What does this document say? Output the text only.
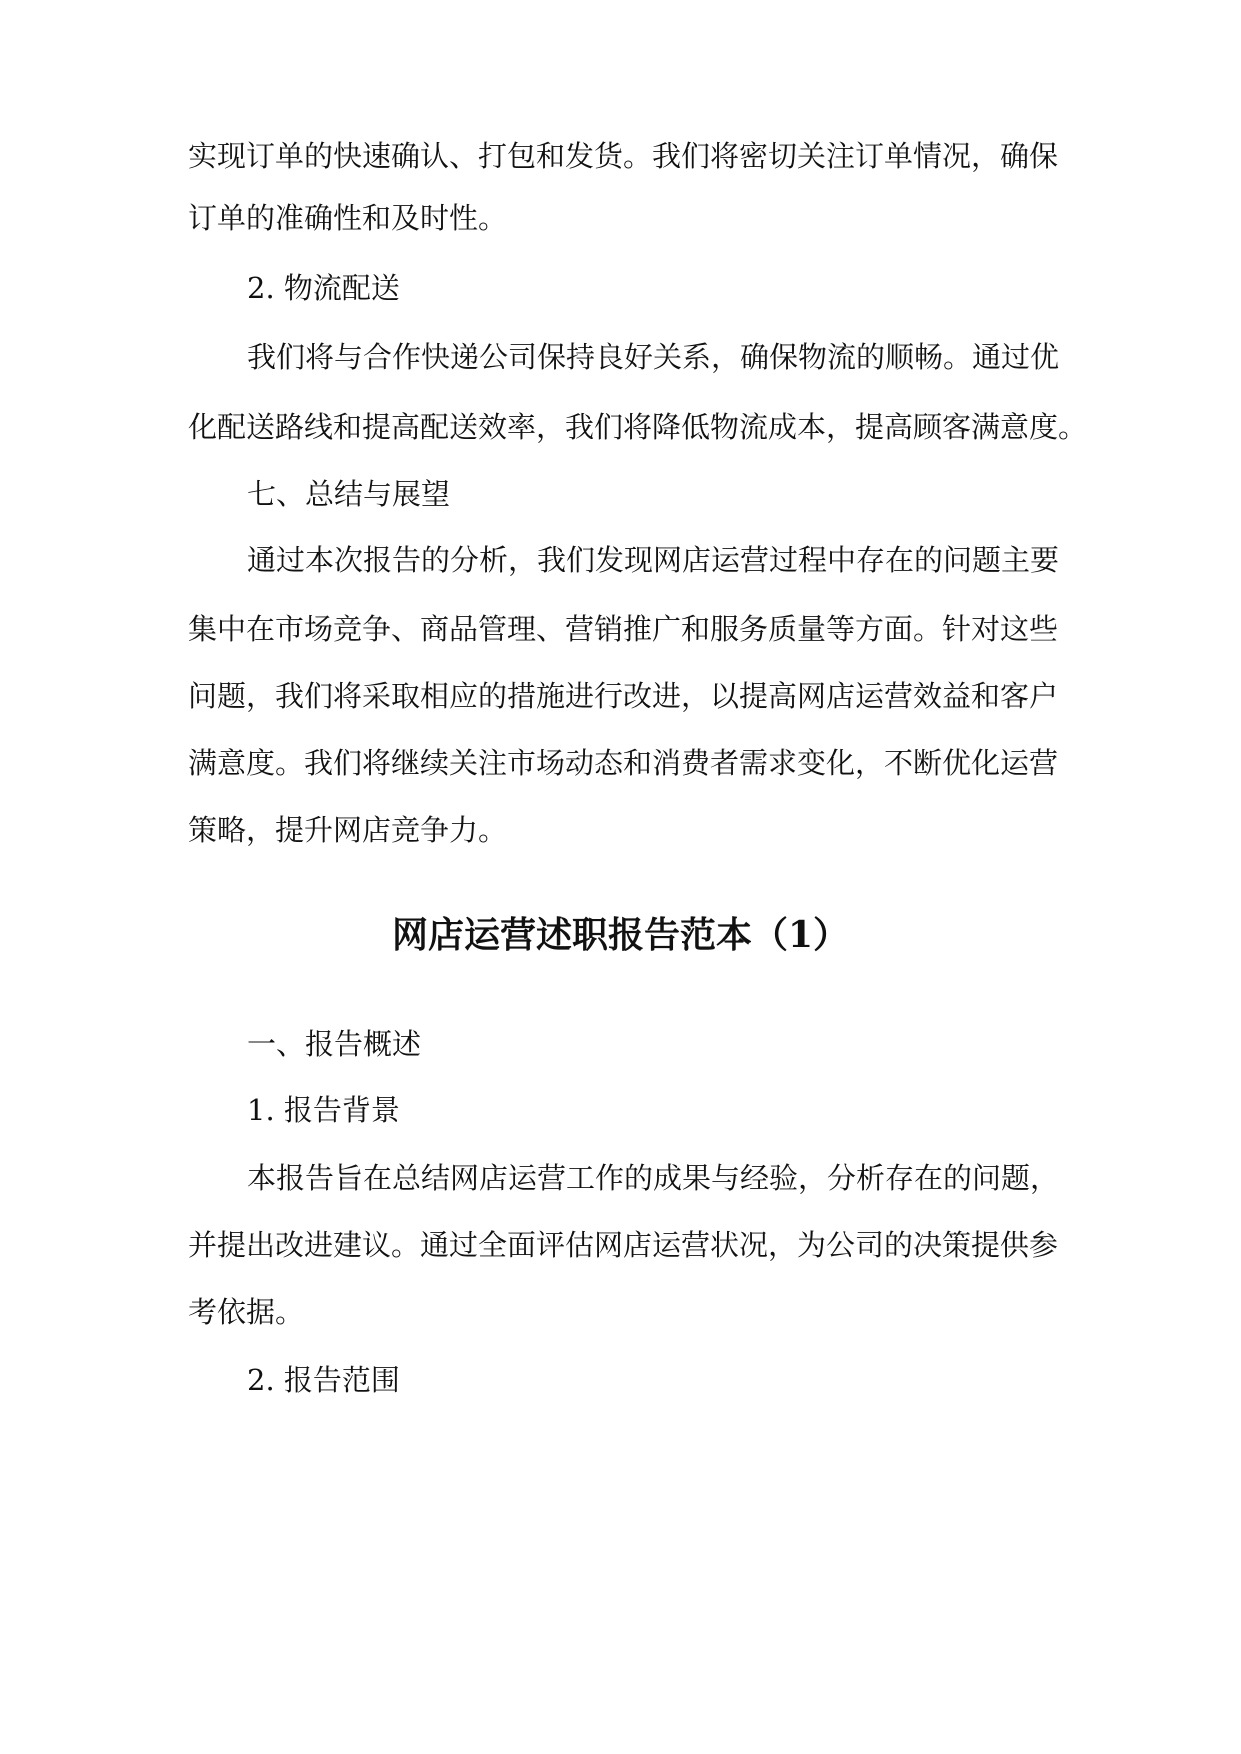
实现订单的快速确认、打包和发货。我们将密切关注订单情况，确保
订单的准确性和及时性。
2. 物流配送
我们将与合作快递公司保持良好关系，确保物流的顺畅。通过优
化配送路线和提高配送效率，我们将降低物流成本，提高顾客满意度。
七、总结与展望
通过本次报告的分析，我们发现网店运营过程中存在的问题主要
集中在市场竞争、商品管理、营销推广和服务质量等方面。针对这些
问题，我们将采取相应的措施进行改进，以提高网店运营效益和客户
满意度。我们将继续关注市场动态和消费者需求变化，不断优化运营
策略，提升网店竞争力。
网店运营述职报告范本（1）
一、报告概述
1. 报告背景
本报告旨在总结网店运营工作的成果与经验，分析存在的问题，
并提出改进建议。通过全面评估网店运营状况，为公司的决策提供参
考依据。
2. 报告范围
